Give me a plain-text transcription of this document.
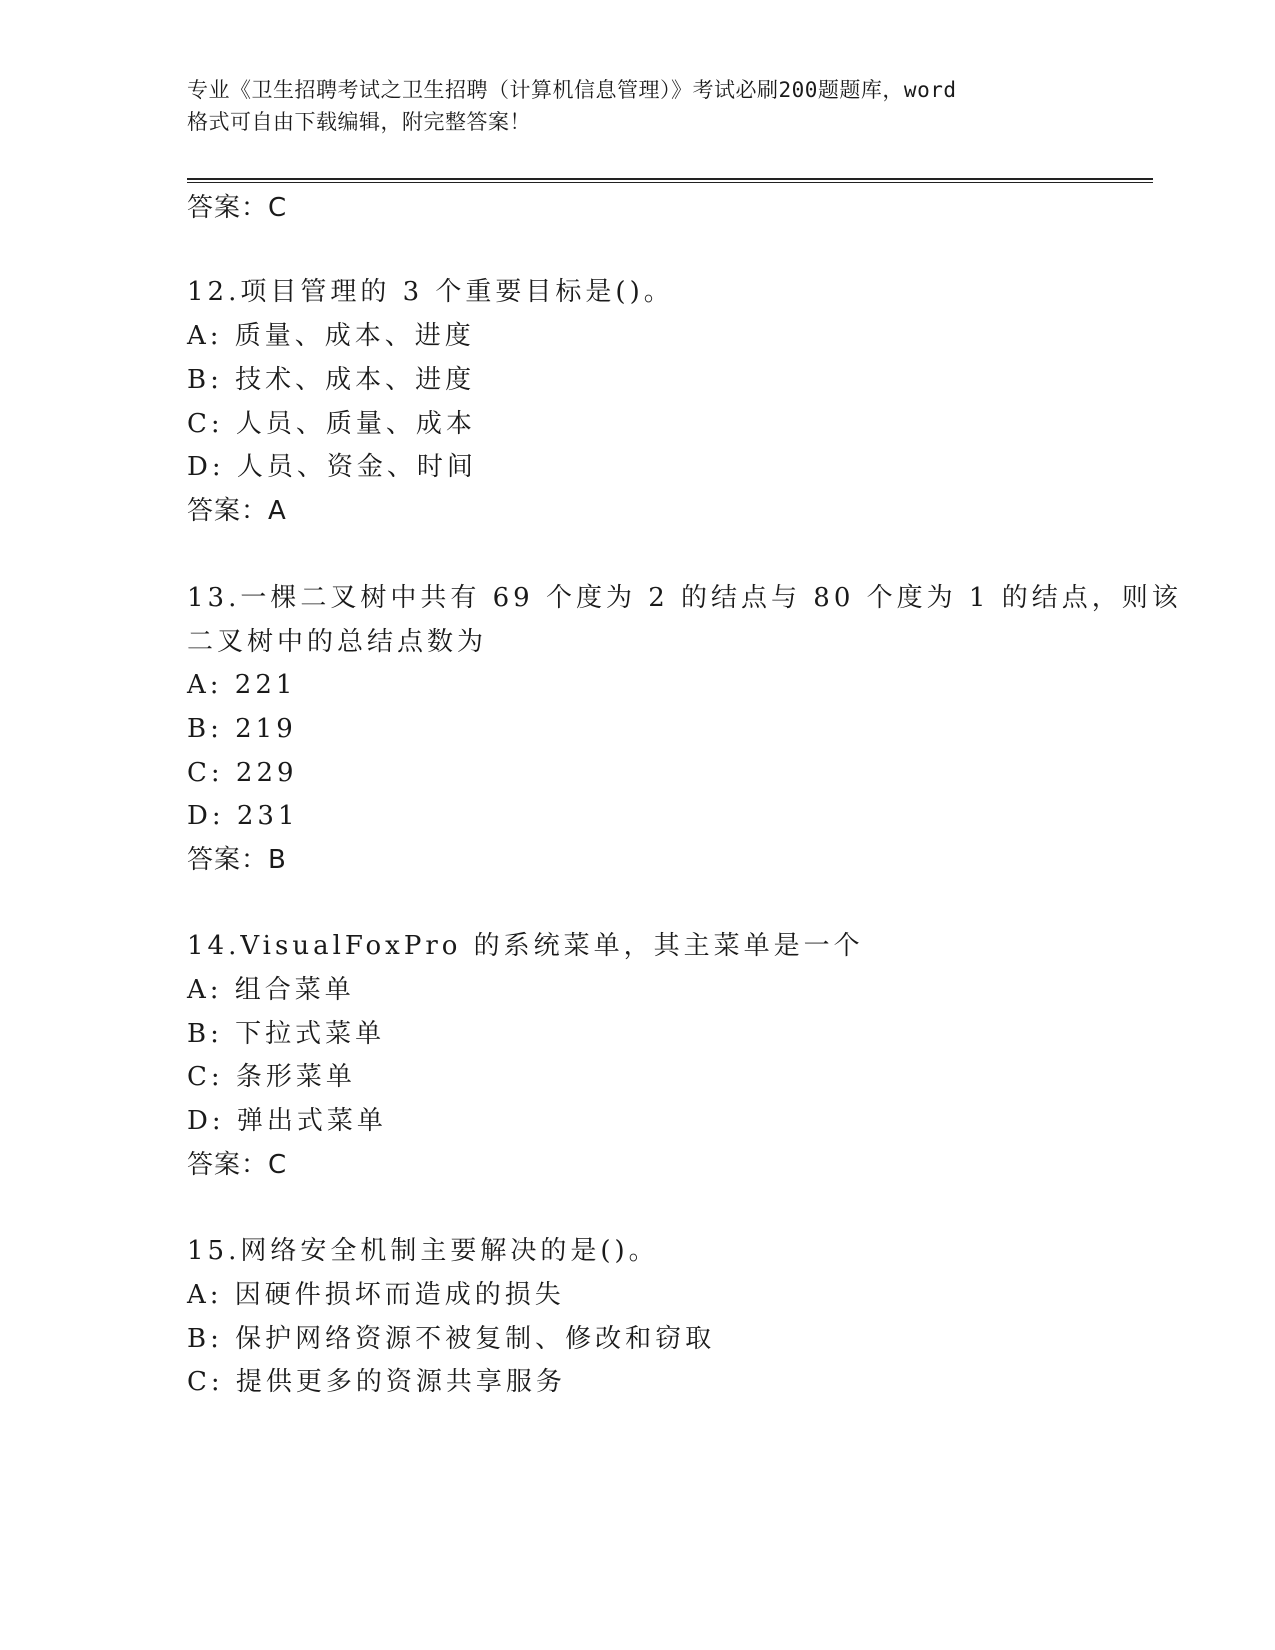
专业《卫生招聘考试之卫生招聘（计算机信息管理）》考试必刷200题题库，word
格式可自由下载编辑，附完整答案！
答案：C
12.项目管理的 3 个重要目标是()。
A: 质量、成本、进度
B: 技术、成本、进度
C: 人员、质量、成本
D: 人员、资金、时间
答案：A
13.一棵二叉树中共有 69 个度为 2 的结点与 80 个度为 1 的结点，则该
二叉树中的总结点数为
A: 221
B: 219
C: 229
D: 231
答案：B
14.VisualFoxPro 的系统菜单，其主菜单是一个
A: 组合菜单
B: 下拉式菜单
C: 条形菜单
D: 弹出式菜单
答案：C
15.网络安全机制主要解决的是()。
A: 因硬件损坏而造成的损失
B: 保护网络资源不被复制、修改和窃取
C: 提供更多的资源共享服务
